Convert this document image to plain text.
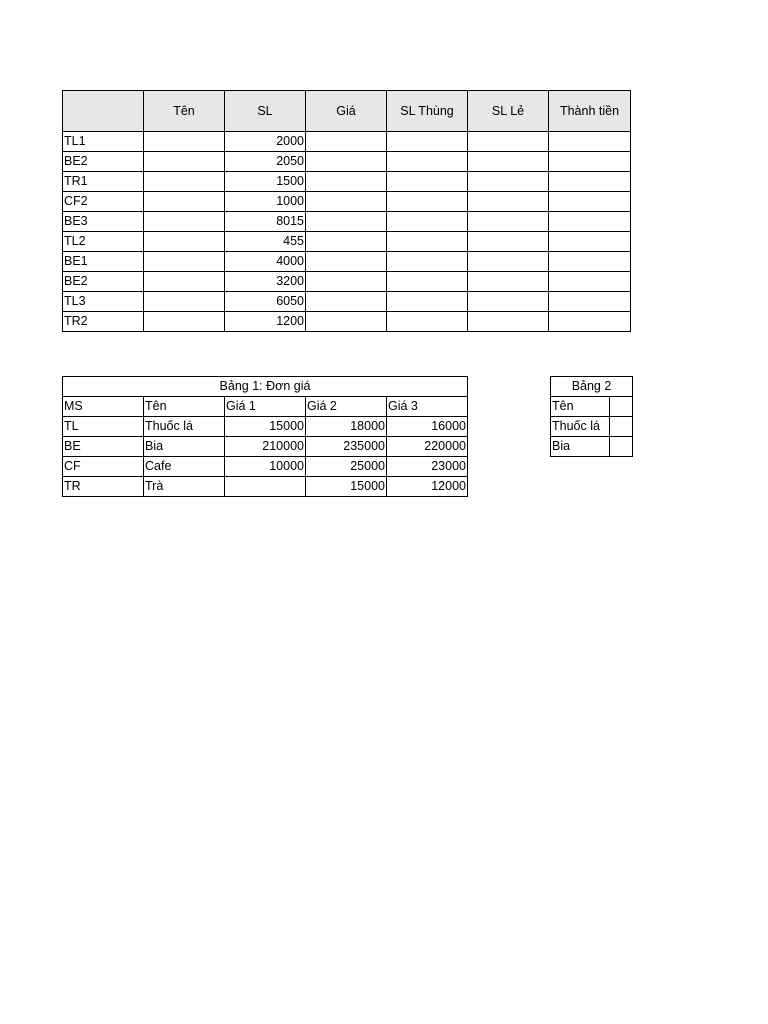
	Tên	SL	Giá	SL Thùng	SL Lẻ	Thành tiền
TL1		2000				
BE2		2050				
TR1		1500				
CF2		1000				
BE3		8015				
TL2		455				
BE1		4000				
BE2		3200				
TL3		6050				
TR2		1200				
Bảng 1: Đơn giá				
MS	Tên	Giá 1	Giá 2	Giá 3
TL	Thuốc lá	15000	18000	16000
BE	Bia	210000	235000	220000
CF	Cafe	10000	25000	23000
TR	Trà		15000	12000
Bảng 2	
Tên	
Thuốc lá	
Bia	
